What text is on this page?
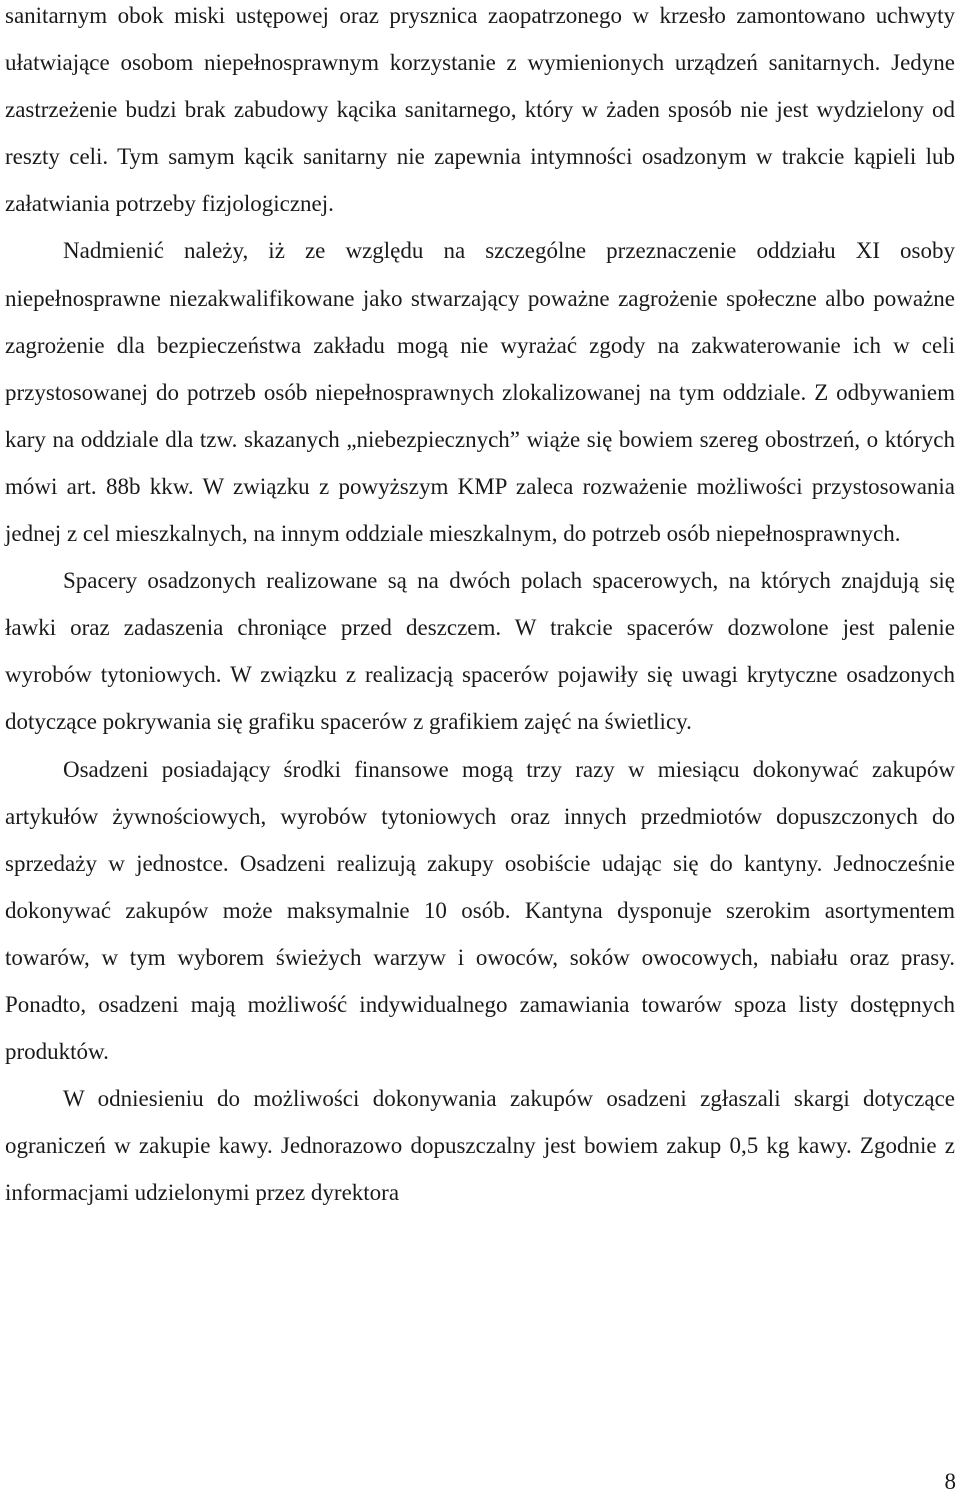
sanitarnym obok miski ustępowej oraz prysznica zaopatrzonego w krzesło zamontowano uchwyty ułatwiające osobom niepełnosprawnym korzystanie z wymienionych urządzeń sanitarnych. Jedyne zastrzeżenie budzi brak zabudowy kącika sanitarnego, który w żaden sposób nie jest wydzielony od reszty celi. Tym samym kącik sanitarny nie zapewnia intymności osadzonym w trakcie kąpieli lub załatwiania potrzeby fizjologicznej.

Nadmienić należy, iż ze względu na szczególne przeznaczenie oddziału XI osoby niepełnosprawne niezakwalifikowane jako stwarzający poważne zagrożenie społeczne albo poważne zagrożenie dla bezpieczeństwa zakładu mogą nie wyrażać zgody na zakwaterowanie ich w celi przystosowanej do potrzeb osób niepełnosprawnych zlokalizowanej na tym oddziale. Z odbywaniem kary na oddziale dla tzw. skazanych „niebezpiecznych” wiąże się bowiem szereg obostrzeń, o których mówi art. 88b kkw. W związku z powyższym KMP zaleca rozważenie możliwości przystosowania jednej z cel mieszkalnych, na innym oddziale mieszkalnym, do potrzeb osób niepełnosprawnych.

Spacery osadzonych realizowane są na dwóch polach spacerowych, na których znajdują się ławki oraz zadaszenia chroniące przed deszczem. W trakcie spacerów dozwolone jest palenie wyrobów tytoniowych. W związku z realizacją spacerów pojawiły się uwagi krytyczne osadzonych dotyczące pokrywania się grafiku spacerów z grafikiem zajęć na świetlicy.

Osadzeni posiadający środki finansowe mogą trzy razy w miesiącu dokonywać zakupów artykułów żywnościowych, wyrobów tytoniowych oraz innych przedmiotów dopuszczonych do sprzedaży w jednostce. Osadzeni realizują zakupy osobiście udając się do kantyny. Jednocześnie dokonywać zakupów może maksymalnie 10 osób. Kantyna dysponuje szerokim asortymentem towarów, w tym wyborem świeżych warzyw i owoców, soków owocowych, nabiału oraz prasy. Ponadto, osadzeni mają możliwość indywidualnego zamawiania towarów spoza listy dostępnych produktów.

W odniesieniu do możliwości dokonywania zakupów osadzeni zgłaszali skargi dotyczące ograniczeń w zakupie kawy. Jednorazowo dopuszczalny jest bowiem zakup 0,5 kg kawy. Zgodnie z informacjami udzielonymi przez dyrektora

8
